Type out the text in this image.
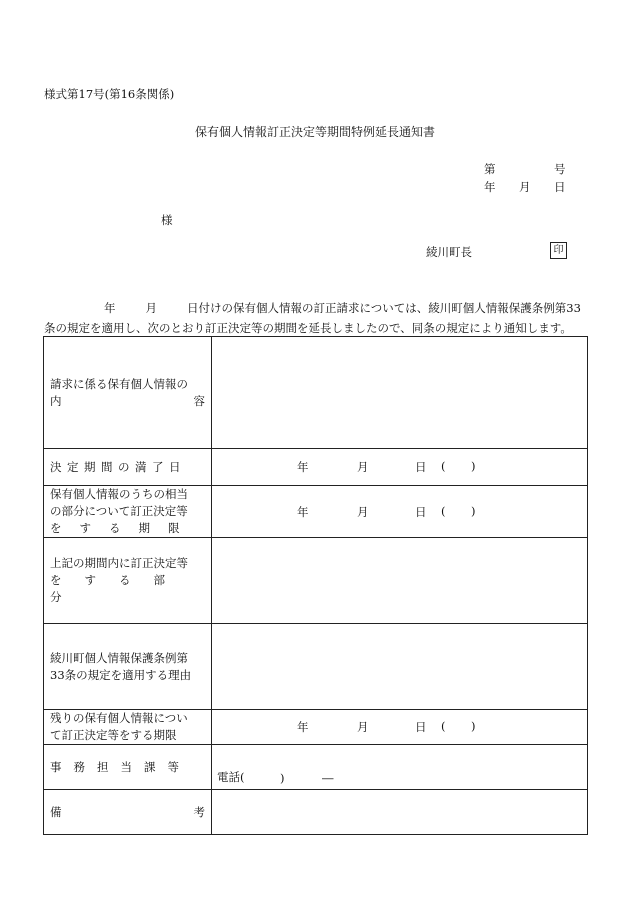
様式第17号(第16条関係)
保有個人情報訂正決定等期間特例延長通知書
第	号
年 月 日
様
綾川町長	印
年	月	日付けの保有個人情報の訂正請求については、綾川町個人情報保護条例第33
条の規定を適用し、次のとおり訂正決定等の期間を延長しましたので、同条の規定により通知します。
請求に係る保有個人情報の
内 容	

決定期間の満了日	年 月 日 ( )

保有個人情報のうちの相当
の部分について訂正決定等
をする期限	年 月 日 ( )

上記の期間内に訂正決定等
をする部分	

綾川町個人情報保護条例第
33条の規定を適用する理由	

残りの保有個人情報につい
て訂正決定等をする期限	年 月 日 ( )

事務担当課等	電話( ) ―

備 考	
